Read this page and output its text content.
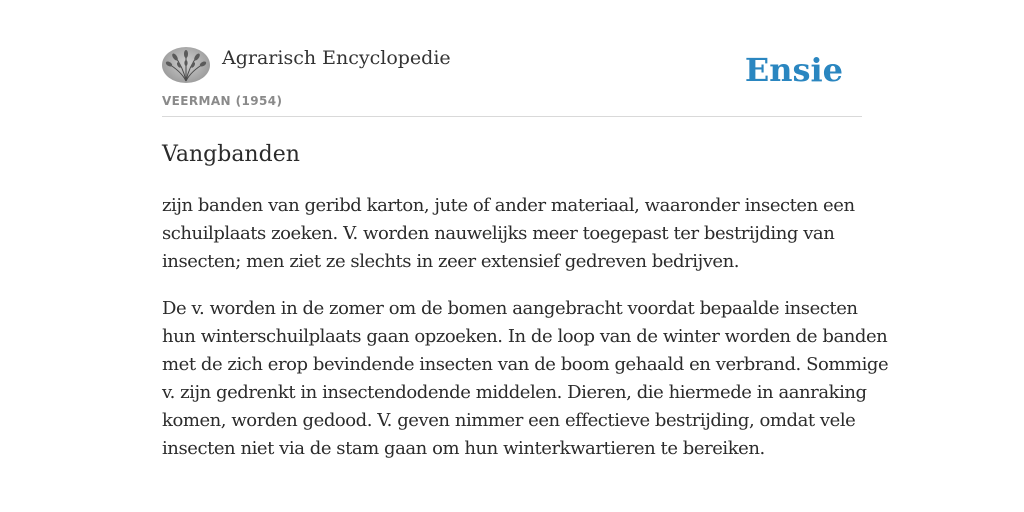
Agrarisch Encyclopedie
VEERMAN (1954)
Ensie
Vangbanden

zijn banden van geribd karton, jute of ander materiaal, waaronder insecten een
schuilplaats zoeken. V. worden nauwelijks meer toegepast ter bestrijding van
insecten; men ziet ze slechts in zeer extensief gedreven bedrijven.

De v. worden in de zomer om de bomen aangebracht voordat bepaalde insecten
hun winterschuilplaats gaan opzoeken. In de loop van de winter worden de banden
met de zich erop bevindende insecten van de boom gehaald en verbrand. Sommige
v. zijn gedrenkt in insectendodende middelen. Dieren, die hiermede in aanraking
komen, worden gedood. V. geven nimmer een effectieve bestrijding, omdat vele
insecten niet via de stam gaan om hun winterkwartieren te bereiken.
